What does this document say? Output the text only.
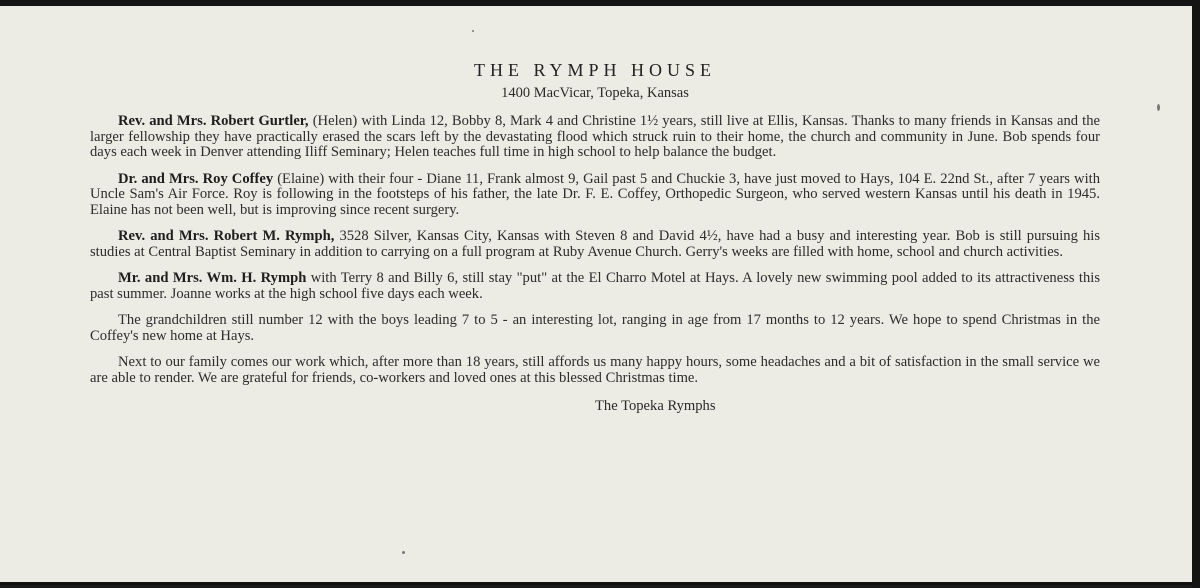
THE RYMPH HOUSE
1400 MacVicar, Topeka, Kansas

Rev. and Mrs. Robert Gurtler, (Helen) with Linda 12, Bobby 8, Mark 4 and Christine 1½ years, still live at Ellis, Kansas. Thanks to many friends in Kansas and the larger fellowship they have practically erased the scars left by the devastating flood which struck ruin to their home, the church and community in June. Bob spends four days each week in Denver attending Iliff Seminary; Helen teaches full time in high school to help balance the budget.

Dr. and Mrs. Roy Coffey (Elaine) with their four - Diane 11, Frank almost 9, Gail past 5 and Chuckie 3, have just moved to Hays, 104 E. 22nd St., after 7 years with Uncle Sam's Air Force. Roy is following in the footsteps of his father, the late Dr. F. E. Coffey, Orthopedic Surgeon, who served western Kansas until his death in 1945. Elaine has not been well, but is improving since recent surgery.

Rev. and Mrs. Robert M. Rymph, 3528 Silver, Kansas City, Kansas with Steven 8 and David 4½, have had a busy and interesting year. Bob is still pursuing his studies at Central Baptist Seminary in addition to carrying on a full program at Ruby Avenue Church. Gerry's weeks are filled with home, school and church activities.

Mr. and Mrs. Wm. H. Rymph with Terry 8 and Billy 6, still stay "put" at the El Charro Motel at Hays. A lovely new swimming pool added to its attractiveness this past summer. Joanne works at the high school five days each week.

The grandchildren still number 12 with the boys leading 7 to 5 - an interesting lot, ranging in age from 17 months to 12 years. We hope to spend Christmas in the Coffey's new home at Hays.

Next to our family comes our work which, after more than 18 years, still affords us many happy hours, some headaches and a bit of satisfaction in the small service we are able to render. We are grateful for friends, co-workers and loved ones at this blessed Christmas time.

The Topeka Rymphs
